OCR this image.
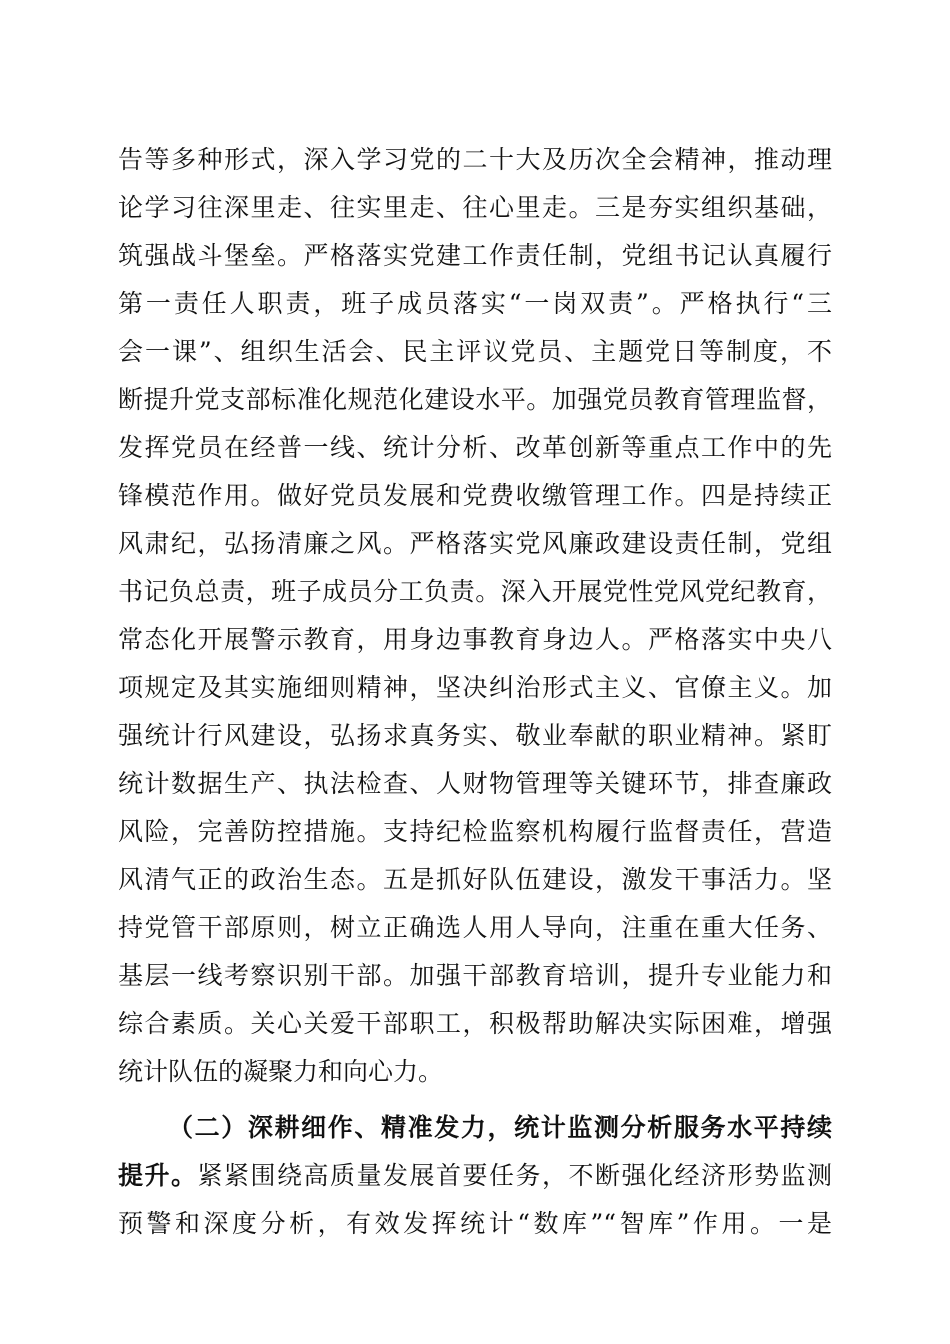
告等多种形式，深入学习党的二十大及历次全会精神，推动理
论学习往深里走、往实里走、往心里走。三是夯实组织基础，
筑强战斗堡垒。严格落实党建工作责任制，党组书记认真履行
第一责任人职责，班子成员落实“一岗双责”。严格执行“三
会一课”、组织生活会、民主评议党员、主题党日等制度，不
断提升党支部标准化规范化建设水平。加强党员教育管理监督，
发挥党员在经普一线、统计分析、改革创新等重点工作中的先
锋模范作用。做好党员发展和党费收缴管理工作。四是持续正
风肃纪，弘扬清廉之风。严格落实党风廉政建设责任制，党组
书记负总责，班子成员分工负责。深入开展党性党风党纪教育，
常态化开展警示教育，用身边事教育身边人。严格落实中央八
项规定及其实施细则精神，坚决纠治形式主义、官僚主义。加
强统计行风建设，弘扬求真务实、敬业奉献的职业精神。紧盯
统计数据生产、执法检查、人财物管理等关键环节，排查廉政
风险，完善防控措施。支持纪检监察机构履行监督责任，营造
风清气正的政治生态。五是抓好队伍建设，激发干事活力。坚
持党管干部原则，树立正确选人用人导向，注重在重大任务、
基层一线考察识别干部。加强干部教育培训，提升专业能力和
综合素质。关心关爱干部职工，积极帮助解决实际困难，增强
统计队伍的凝聚力和向心力。
（二）深耕细作、精准发力，统计监测分析服务水平持续
提升。紧紧围绕高质量发展首要任务，不断强化经济形势监测
预警和深度分析，有效发挥统计“数库”“智库”作用。一是
